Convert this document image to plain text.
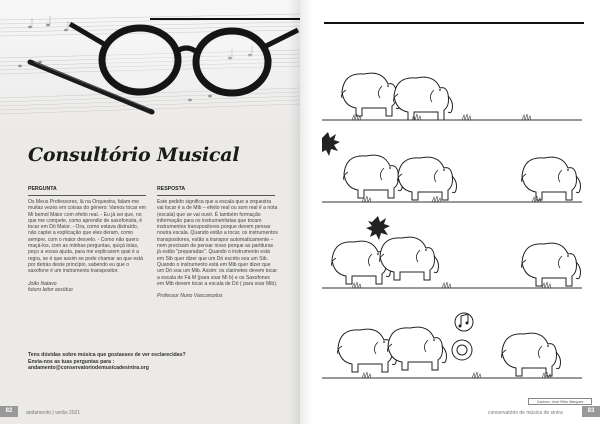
Consultório Musical
PERGUNTA

Os Meus Professores, lá na Orquestra, falam-me muitas vezes em coisas do género: Vamos tocar em Mi bemol Maior com efeito real. - Eu já sei que, no que me compete, como aprendiz de saxofonista, é tocar em Dó Maior. - Ora, como estava distraído, não captei a explicação que eles deram, como sempre, com o maior desvelo. - Como não quero maçá-los, com as minhas perguntas, quiçá tolas, peço a vossa ajuda, para me explicarem qual é a regra, se é que assim se pode chamar ao que está por detrás deste princípio, sabendo eu que o saxofone é um instrumento transpositor.

João Natavo
futuro leitor assíduo
RESPOSTA

Este pedido significa que a escala que a orquestra vai tocar é a de Mib – efeito real ou som real é a nota (escala) que se vai ouvir. É também formação informação para os instrumentistas que tocam instrumentos transpositores porque devem pensar noutra escala. Quando estão a tocar, os instrumentos transpositores, estão a transpor automaticamente – nem precisam de pensar nisso porque as partituras já estão "preparadas". Quando o instrumento está em Sib quer dizer que um Dó escrito soa um Sib. Quando o instrumento está em Mib quer dizer que um Dó soa um Mib. Assim: os clarinetes devem tocar a escala de Fá M (para soar Mi b) e os Saxofones em Mib devem tocar a escala de Dó ( para soar Mib).

Professor Nuno Vasconcelos
Tens dúvidas sobre música que gostasses de ver esclarecidas?
Envia-nos as tuas perguntas para :
andamento@conservatoriodemusicadesintra.org
82	andamento | verão 2021
Cartoon: José Pinto Marques
conservatório de música de sintra	83
